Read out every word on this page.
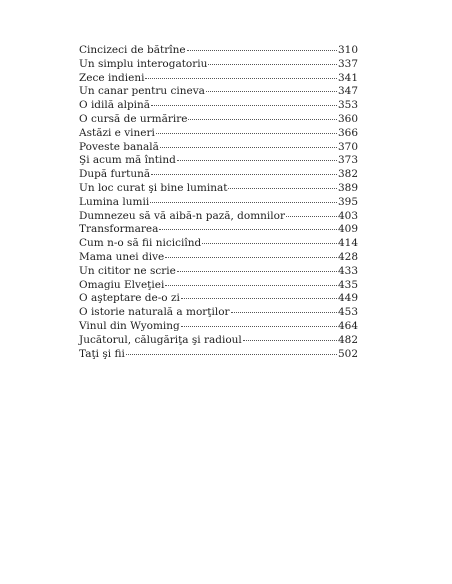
Cincizeci de bătrîne	310
Un simplu interogatoriu	337
Zece indieni	341
Un canar pentru cineva	347
O idilă alpină	353
O cursă de urmărire	360
Astăzi e vineri	366
Poveste banală	370
Şi acum mă întind	373
După furtună	382
Un loc curat şi bine luminat	389
Lumina lumii	395
Dumnezeu să vă aibă-n pază, domnilor	403
Transformarea	409
Cum n-o să fii niciciînd	414
Mama unei dive	428
Un cititor ne scrie	433
Omagiu Elveţiei	435
O aşteptare de-o zi	449
O istorie naturală a morţilor	453
Vinul din Wyoming	464
Jucătorul, călugăriţa şi radioul	482
Taţi şi fii	502
